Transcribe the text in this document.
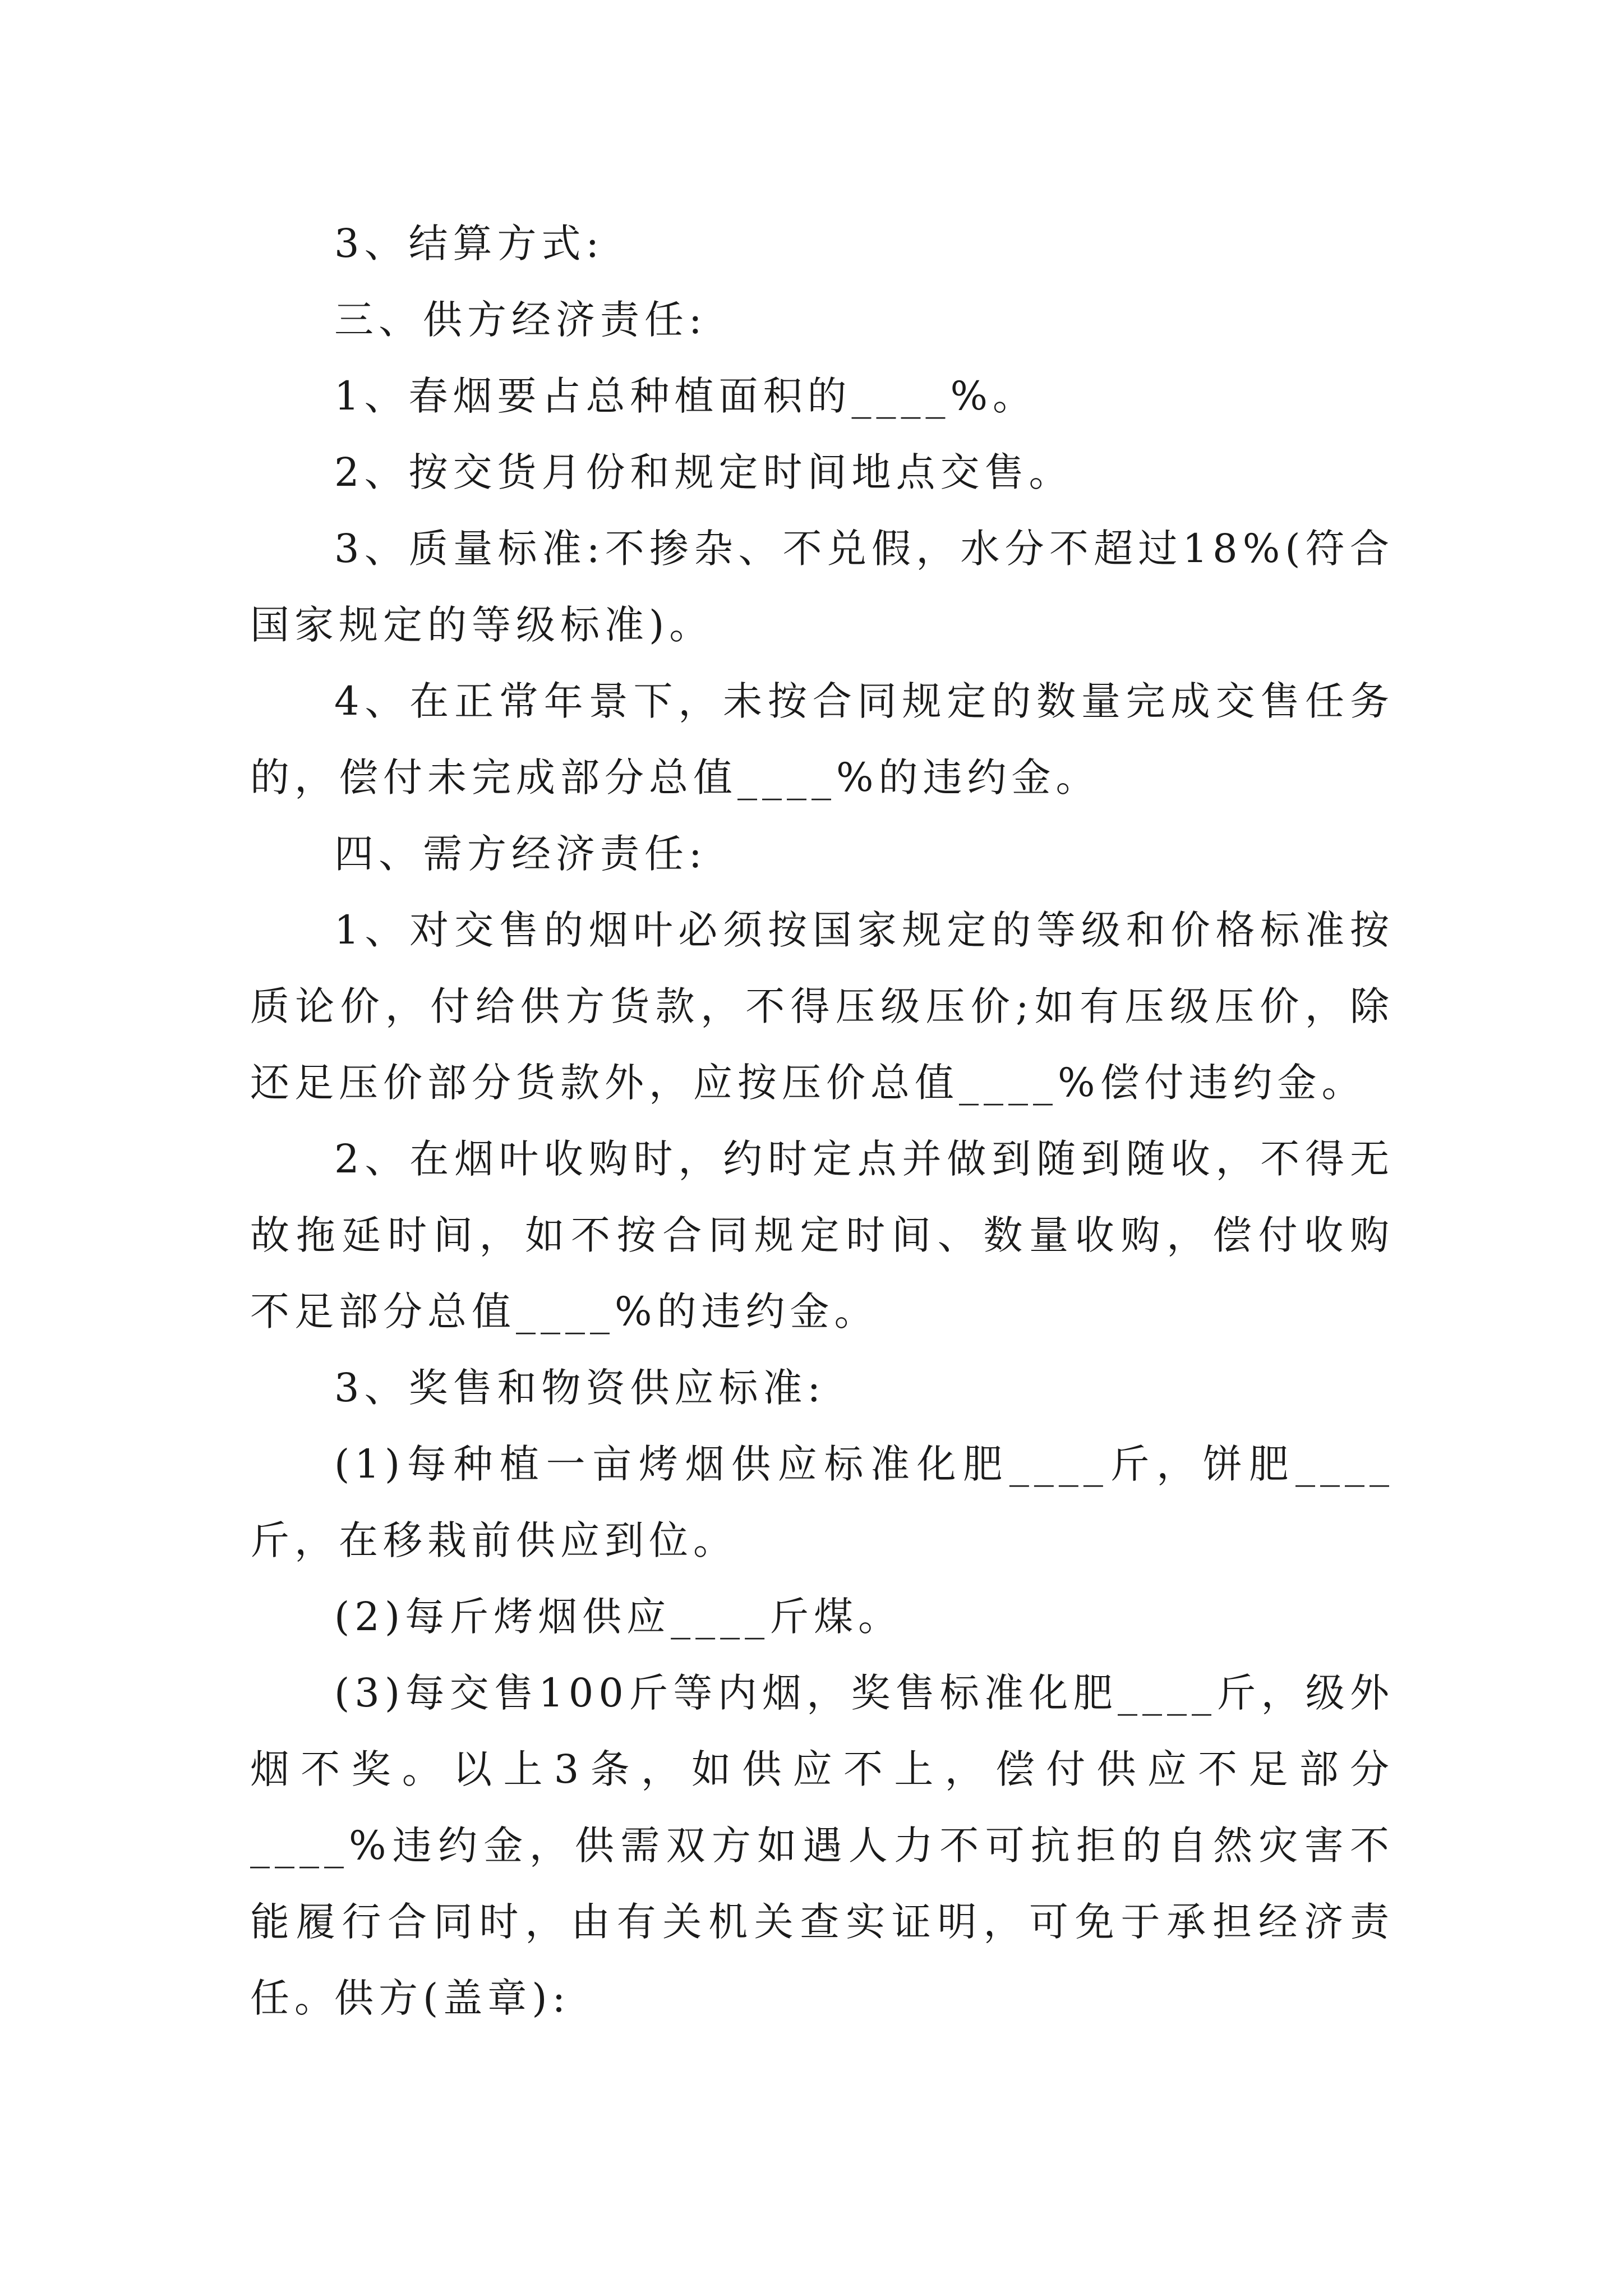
3、结算方式:

三、供方经济责任:

1、春烟要占总种植面积的____%。

2、按交货月份和规定时间地点交售。

3、质量标准:不掺杂、不兑假，水分不超过18%(符合国家规定的等级标准)。

4、在正常年景下，未按合同规定的数量完成交售任务的，偿付未完成部分总值____%的违约金。

四、需方经济责任:

1、对交售的烟叶必须按国家规定的等级和价格标准按质论价，付给供方货款，不得压级压价;如有压级压价，除还足压价部分货款外，应按压价总值____%偿付违约金。

2、在烟叶收购时，约时定点并做到随到随收，不得无故拖延时间，如不按合同规定时间、数量收购，偿付收购不足部分总值____%的违约金。

3、奖售和物资供应标准:

(1)每种植一亩烤烟供应标准化肥____斤，饼肥____斤，在移栽前供应到位。

(2)每斤烤烟供应____斤煤。

(3)每交售100斤等内烟，奖售标准化肥____斤，级外烟不奖。以上3条，如供应不上，偿付供应不足部分____%违约金，供需双方如遇人力不可抗拒的自然灾害不能履行合同时，由有关机关查实证明，可免于承担经济责任。

供方(盖章):
